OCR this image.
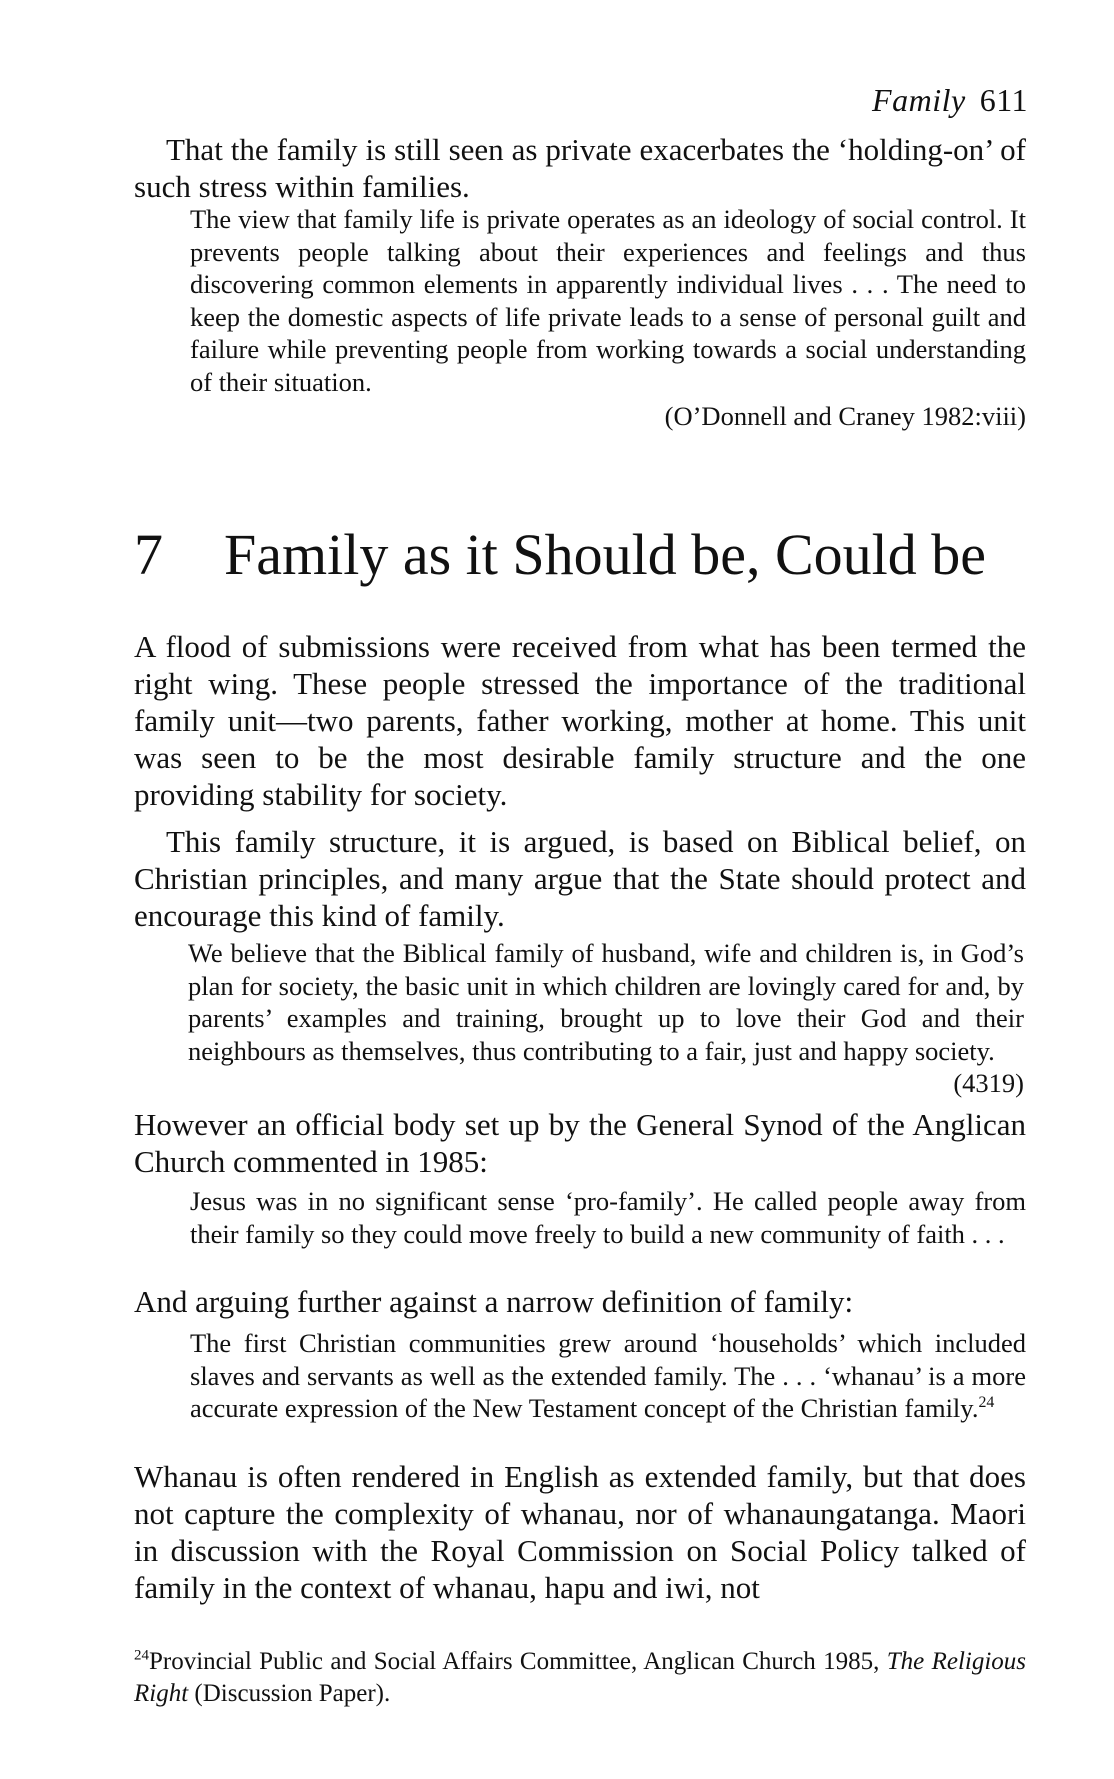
Family 611

That the family is still seen as private exacerbates the ‘holding-on’ of such stress within families.

The view that family life is private operates as an ideology of social control. It prevents people talking about their experiences and feelings and thus discovering common elements in apparently individual lives . . . The need to keep the domestic aspects of life private leads to a sense of personal guilt and failure while preventing people from working towards a social understanding of their situation.

(O’Donnell and Craney 1982:viii)

7 Family as it Should be, Could be

A flood of submissions were received from what has been termed the right wing. These people stressed the importance of the traditional family unit—two parents, father working, mother at home. This unit was seen to be the most desirable family structure and the one providing stability for society.

This family structure, it is argued, is based on Biblical belief, on Christian principles, and many argue that the State should protect and encourage this kind of family.

We believe that the Biblical family of husband, wife and children is, in God’s plan for society, the basic unit in which children are lovingly cared for and, by parents’ examples and training, brought up to love their God and their neighbours as themselves, thus contributing to a fair, just and happy society.
(4319)

However an official body set up by the General Synod of the Anglican Church commented in 1985:

Jesus was in no significant sense ‘pro-family’. He called people away from their family so they could move freely to build a new community of faith . . .

And arguing further against a narrow definition of family:

The first Christian communities grew around ‘households’ which included slaves and servants as well as the extended family. The . . . ‘whanau’ is a more accurate expression of the New Testament concept of the Christian family.$^{24}$

Whanau is often rendered in English as extended family, but that does not capture the complexity of whanau, nor of whanaungatanga. Maori in discussion with the Royal Commission on Social Policy talked of family in the context of whanau, hapu and iwi, not

$^{24}$Provincial Public and Social Affairs Committee, Anglican Church 1985, The Religious Right (Discussion Paper).
